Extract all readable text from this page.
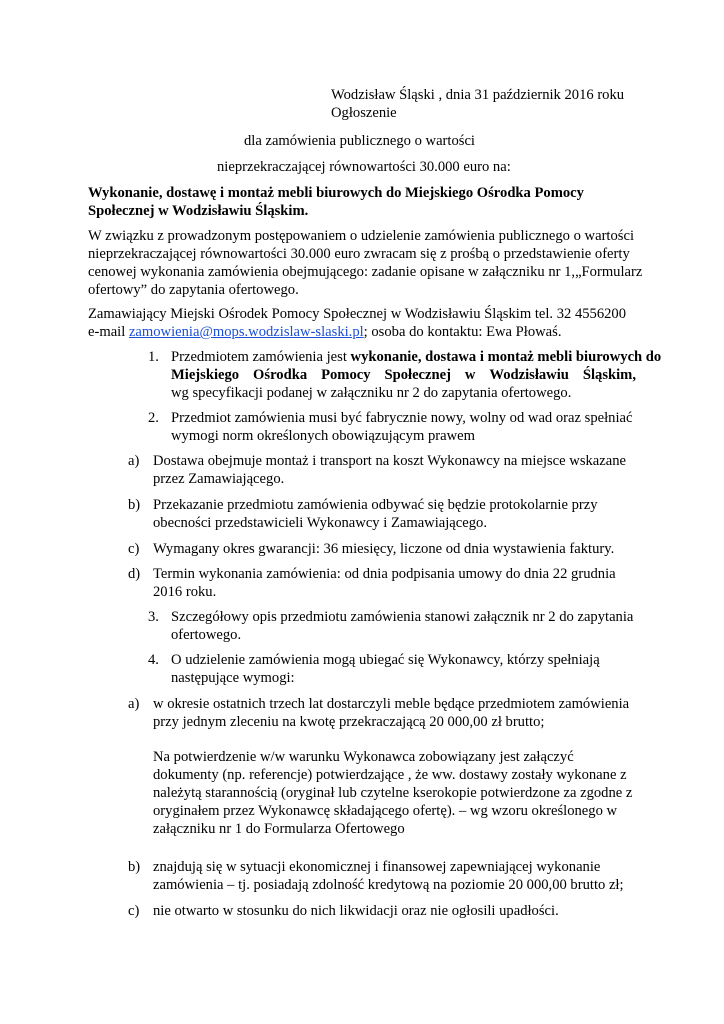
Wodzisław Śląski , dnia 31 październik 2016 roku
Ogłoszenie
dla zamówienia publicznego o wartości
nieprzekraczającej równowartości 30.000 euro na:
Wykonanie, dostawę i montaż mebli biurowych do Miejskiego Ośrodka Pomocy
Społecznej w Wodzisławiu Śląskim.
W związku z prowadzonym postępowaniem o udzielenie zamówienia publicznego o wartości
nieprzekraczającej równowartości 30.000 euro zwracam się z prośbą o przedstawienie oferty
cenowej wykonania zamówienia obejmującego: zadanie opisane w załączniku nr 1,„Formularz
ofertowy” do zapytania ofertowego.
Zamawiający Miejski Ośrodek Pomocy Społecznej w Wodzisławiu Śląskim tel. 32 4556200
e-mail zamowienia@mops.wodzislaw-slaski.pl; osoba do kontaktu: Ewa Płowaś.
1. Przedmiotem zamówienia jest wykonanie, dostawa i montaż mebli biurowych do
Miejskiego Ośrodka Pomocy Społecznej w Wodzisławiu Śląskim,
wg specyfikacji podanej w załączniku nr 2 do zapytania ofertowego.
2. Przedmiot zamówienia musi być fabrycznie nowy, wolny od wad oraz spełniać
wymogi norm określonych obowiązującym prawem
a) Dostawa obejmuje montaż i transport na koszt Wykonawcy na miejsce wskazane
przez Zamawiającego.
b) Przekazanie przedmiotu zamówienia odbywać się będzie protokolarnie przy
obecności przedstawicieli Wykonawcy i Zamawiającego.
c) Wymagany okres gwarancji: 36 miesięcy, liczone od dnia wystawienia faktury.
d) Termin wykonania zamówienia: od dnia podpisania umowy do dnia 22 grudnia
2016 roku.
3. Szczegółowy opis przedmiotu zamówienia stanowi załącznik nr 2 do zapytania
ofertowego.
4. O udzielenie zamówienia mogą ubiegać się Wykonawcy, którzy spełniają
następujące wymogi:
a) w okresie ostatnich trzech lat dostarczyli meble będące przedmiotem zamówienia
przy jednym zleceniu na kwotę przekraczającą 20 000,00 zł brutto;
Na potwierdzenie w/w warunku Wykonawca zobowiązany jest załączyć
dokumenty (np. referencje) potwierdzające , że ww. dostawy zostały wykonane z
należytą starannością (oryginał lub czytelne kserokopie potwierdzone za zgodne z
oryginałem przez Wykonawcę składającego ofertę). – wg wzoru określonego w
załączniku nr 1 do Formularza Ofertowego
b) znajdują się w sytuacji ekonomicznej i finansowej zapewniającej wykonanie
zamówienia – tj. posiadają zdolność kredytową na poziomie 20 000,00 brutto zł;
c) nie otwarto w stosunku do nich likwidacji oraz nie ogłosili upadłości.
